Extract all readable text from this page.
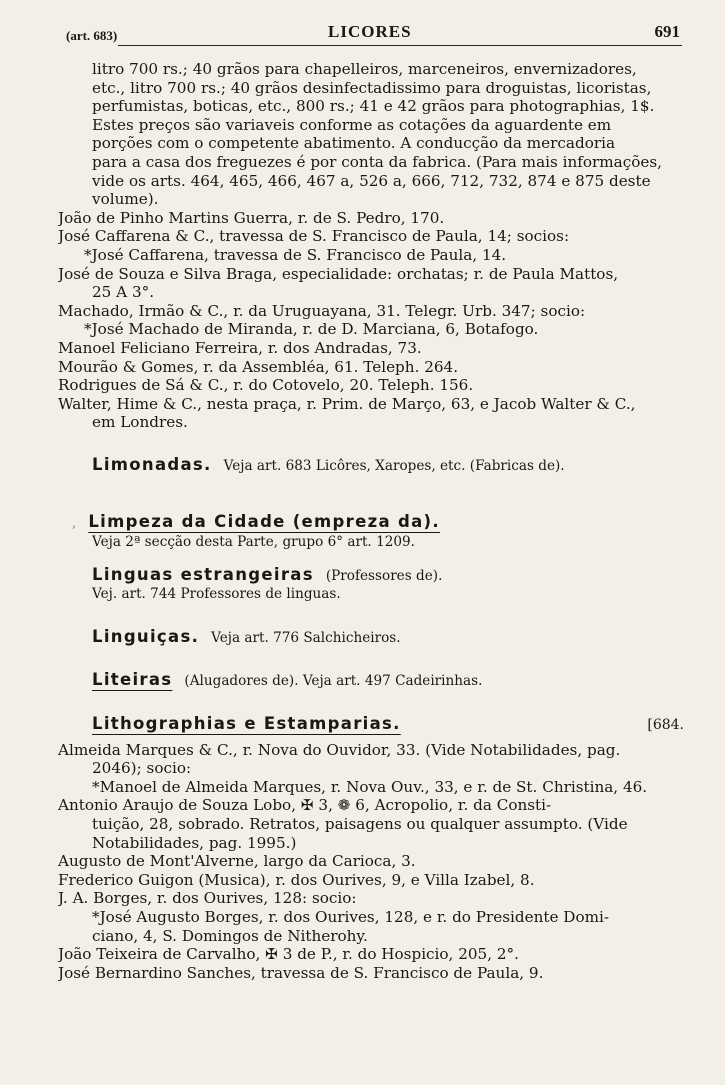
(art. 683)	LICORES	691
litro 700 rs.; 40 grãos para chapelleiros, marceneiros, envernizadores,
etc., litro 700 rs.; 40 grãos desinfectadissimo para droguistas, licoristas,
perfumistas, boticas, etc., 800 rs.; 41 e 42 grãos para photographias, 1$.
Estes preços são variaveis conforme as cotações da aguardente em
porções com o competente abatimento. A conducção da mercadoria
para a casa dos freguezes é por conta da fabrica. (Para mais informações,
vide os arts. 464, 465, 466, 467 a, 526 a, 666, 712, 732, 874 e 875 deste
volume).
João de Pinho Martins Guerra, r. de S. Pedro, 170.
José Caffarena & C., travessa de S. Francisco de Paula, 14; socios:
*José Caffarena, travessa de S. Francisco de Paula, 14.
José de Souza e Silva Braga, especialidade: orchatas; r. de Paula Mattos,
25 A 3°.
Machado, Irmão & C., r. da Uruguayana, 31. Telegr. Urb. 347; socio:
*José Machado de Miranda, r. de D. Marciana, 6, Botafogo.
Manoel Feliciano Ferreira, r. dos Andradas, 73.
Mourão & Gomes, r. da Assembléa, 61. Teleph. 264.
Rodrigues de Sá & C., r. do Cotovelo, 20. Teleph. 156.
Walter, Hime & C., nesta praça, r. Prim. de Março, 63, e Jacob Walter & C.,
em Londres.
Limonadas. Veja art. 683 Licôres, Xaropes, etc. (Fabricas de).
, Limpeza da Cidade (empreza da).
Veja 2ª secção desta Parte, grupo 6° art. 1209.
Linguas estrangeiras (Professores de).
Vej. art. 744 Professores de linguas.
Linguiças. Veja art. 776 Salchicheiros.
Liteiras (Alugadores de). Veja art. 497 Cadeirinhas.
Lithographias e Estamparias.	[684.
Almeida Marques & C., r. Nova do Ouvidor, 33. (Vide Notabilidades, pag.
2046); socio:
*Manoel de Almeida Marques, r. Nova Ouv., 33, e r. de St. Christina, 46.
Antonio Araujo de Souza Lobo, ✠ 3, ❁ 6, Acropolio, r. da Consti-
tuição, 28, sobrado. Retratos, paisagens ou qualquer assumpto. (Vide
Notabilidades, pag. 1995.)
Augusto de Mont'Alverne, largo da Carioca, 3.
Frederico Guigon (Musica), r. dos Ourives, 9, e Villa Izabel, 8.
J. A. Borges, r. dos Ourives, 128: socio:
*José Augusto Borges, r. dos Ourives, 128, e r. do Presidente Domi-
ciano, 4, S. Domingos de Nitherohy.
João Teixeira de Carvalho, ✠ 3 de P., r. do Hospicio, 205, 2°.
José Bernardino Sanches, travessa de S. Francisco de Paula, 9.
